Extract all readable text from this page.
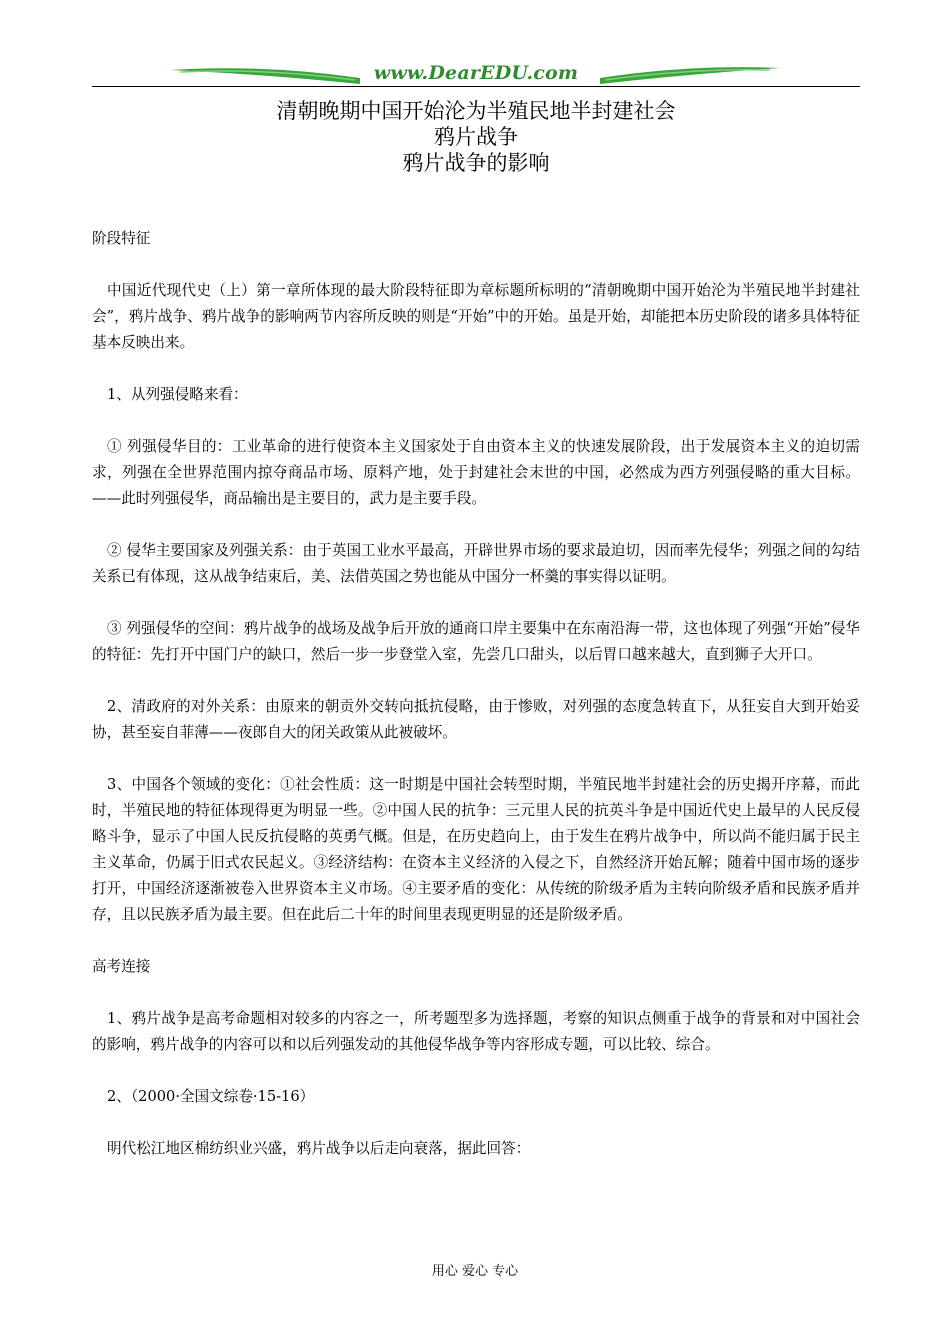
www.DearEDU.com
清朝晚期中国开始沦为半殖民地半封建社会
鸦片战争
鸦片战争的影响

阶段特征

中国近代现代史（上）第一章所体现的最大阶段特征即为章标题所标明的“清朝晚期中国开始沦为半殖民地半封建社会”，鸦片战争、鸦片战争的影响两节内容所反映的则是“开始”中的开始。虽是开始，却能把本历史阶段的诸多具体特征基本反映出来。

1、从列强侵略来看：

① 列强侵华目的：工业革命的进行使资本主义国家处于自由资本主义的快速发展阶段，出于发展资本主义的迫切需求，列强在全世界范围内掠夺商品市场、原料产地，处于封建社会末世的中国，必然成为西方列强侵略的重大目标。——此时列强侵华，商品输出是主要目的，武力是主要手段。

② 侵华主要国家及列强关系：由于英国工业水平最高，开辟世界市场的要求最迫切，因而率先侵华；列强之间的勾结关系已有体现，这从战争结束后，美、法借英国之势也能从中国分一杯羹的事实得以证明。

③ 列强侵华的空间：鸦片战争的战场及战争后开放的通商口岸主要集中在东南沿海一带，这也体现了列强“开始”侵华的特征：先打开中国门户的缺口，然后一步一步登堂入室，先尝几口甜头，以后胃口越来越大，直到狮子大开口。

2、清政府的对外关系：由原来的朝贡外交转向抵抗侵略，由于惨败，对列强的态度急转直下，从狂妄自大到开始妥协，甚至妄自菲薄——夜郎自大的闭关政策从此被破坏。

3、中国各个领域的变化：①社会性质：这一时期是中国社会转型时期，半殖民地半封建社会的历史揭开序幕，而此时，半殖民地的特征体现得更为明显一些。②中国人民的抗争：三元里人民的抗英斗争是中国近代史上最早的人民反侵略斗争，显示了中国人民反抗侵略的英勇气概。但是，在历史趋向上，由于发生在鸦片战争中，所以尚不能归属于民主主义革命，仍属于旧式农民起义。③经济结构：在资本主义经济的入侵之下，自然经济开始瓦解；随着中国市场的逐步打开，中国经济逐渐被卷入世界资本主义市场。④主要矛盾的变化：从传统的阶级矛盾为主转向阶级矛盾和民族矛盾并存，且以民族矛盾为最主要。但在此后二十年的时间里表现更明显的还是阶级矛盾。

高考连接

1、鸦片战争是高考命题相对较多的内容之一，所考题型多为选择题，考察的知识点侧重于战争的背景和对中国社会的影响，鸦片战争的内容可以和以后列强发动的其他侵华战争等内容形成专题，可以比较、综合。

2、（2000·全国文综卷·15-16）

明代松江地区棉纺织业兴盛，鸦片战争以后走向衰落，据此回答：

用心 爱心 专心
